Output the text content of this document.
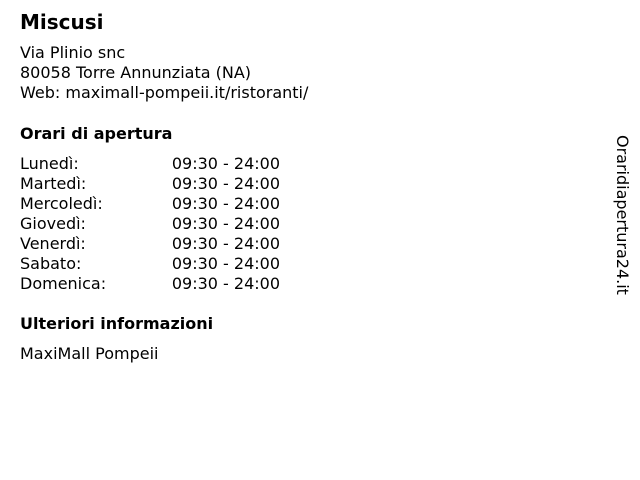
Miscusi
Via Plinio snc
80058 Torre Annunziata (NA)
Web: maximall-pompeii.it/ristoranti/
Orari di apertura
Lunedì:	09:30 - 24:00
Martedì:	09:30 - 24:00
Mercoledì:	09:30 - 24:00
Giovedì:	09:30 - 24:00
Venerdì:	09:30 - 24:00
Sabato:	09:30 - 24:00
Domenica:	09:30 - 24:00
Ulteriori informazioni
MaxiMall Pompeii
Oraridiapertura24.it
